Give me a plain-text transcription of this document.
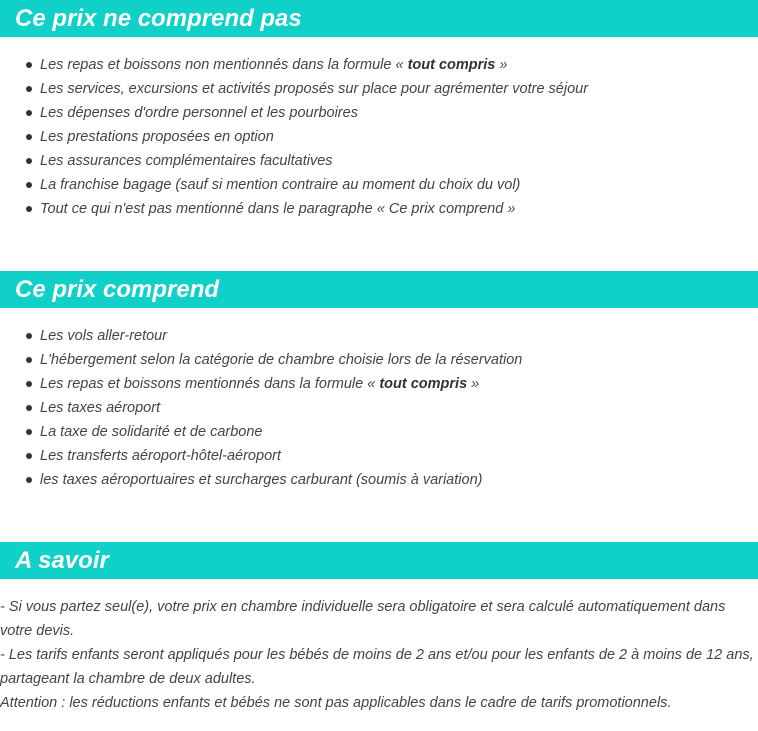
Ce prix ne comprend pas
Les repas et boissons non mentionnés dans la formule « tout compris »
Les services, excursions et activités proposés sur place pour agrémenter votre séjour
Les dépenses d'ordre personnel et les pourboires
Les prestations proposées en option
Les assurances complémentaires facultatives
La franchise bagage (sauf si mention contraire au moment du choix du vol)
Tout ce qui n'est pas mentionné dans le paragraphe « Ce prix comprend »
Ce prix comprend
Les vols aller-retour
L'hébergement selon la catégorie de chambre choisie lors de la réservation
Les repas et boissons mentionnés dans la formule « tout compris »
Les taxes aéroport
La taxe de solidarité et de carbone
Les transferts aéroport-hôtel-aéroport
les taxes aéroportuaires et surcharges carburant (soumis à variation)
A savoir

- Si vous partez seul(e), votre prix en chambre individuelle sera obligatoire et sera calculé automatiquement dans votre devis.

- Les tarifs enfants seront appliqués pour les bébés de moins de 2 ans et/ou pour les enfants de 2 à moins de 12 ans, partageant la chambre de deux adultes.

Attention : les réductions enfants et bébés ne sont pas applicables dans le cadre de tarifs promotionnels.
